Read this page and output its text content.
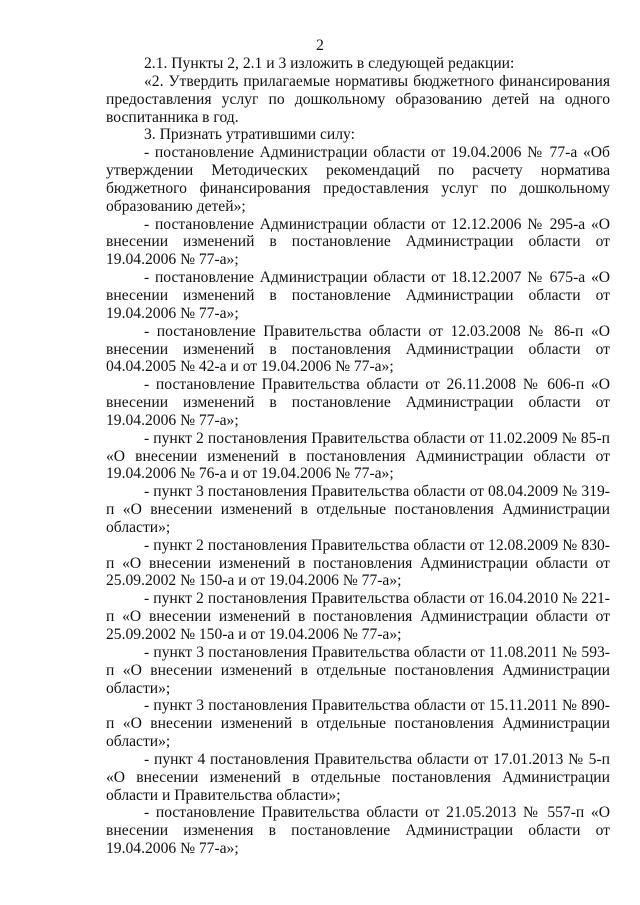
2

2.1. Пункты 2, 2.1 и 3 изложить в следующей редакции:

«2. Утвердить прилагаемые нормативы бюджетного финансирования предоставления услуг по дошкольному образованию детей на одного воспитанника в год.

3. Признать утратившими силу:

- постановление Администрации области от 19.04.2006 № 77-а «Об утверждении Методических рекомендаций по расчету норматива бюджетного финансирования предоставления услуг по дошкольному образованию детей»;

- постановление Администрации области от 12.12.2006 № 295-а «О внесении изменений в постановление Администрации области от 19.04.2006 № 77-а»;

- постановление Администрации области от 18.12.2007 № 675-а «О внесении изменений в постановление Администрации области от 19.04.2006 № 77-а»;

- постановление Правительства области от 12.03.2008 № 86-п «О внесении изменений в постановления Администрации области от 04.04.2005 № 42-а и от 19.04.2006 № 77-а»;

- постановление Правительства области от 26.11.2008 № 606-п «О внесении изменений в постановление Администрации области от 19.04.2006 № 77-а»;

- пункт 2 постановления Правительства области от 11.02.2009 № 85-п «О внесении изменений в постановления Администрации области от 19.04.2006 № 76-а и от 19.04.2006 № 77-а»;

- пункт 3 постановления Правительства области от 08.04.2009 № 319-п «О внесении изменений в отдельные постановления Администрации области»;

- пункт 2 постановления Правительства области от 12.08.2009 № 830-п «О внесении изменений в постановления Администрации области от 25.09.2002 № 150-а и от 19.04.2006 № 77-а»;

- пункт 2 постановления Правительства области от 16.04.2010 № 221-п «О внесении изменений в постановления Администрации области от 25.09.2002 № 150-а и от 19.04.2006 № 77-а»;

- пункт 3 постановления Правительства области от 11.08.2011 № 593-п «О внесении изменений в отдельные постановления Администрации области»;

- пункт 3 постановления Правительства области от 15.11.2011 № 890-п «О внесении изменений в отдельные постановления Администрации области»;

- пункт 4 постановления Правительства области от 17.01.2013 № 5-п «О внесении изменений в отдельные постановления Администрации области и Правительства области»;

- постановление Правительства области от 21.05.2013 № 557-п «О внесении изменения в постановление Администрации области от 19.04.2006 № 77-а»;
